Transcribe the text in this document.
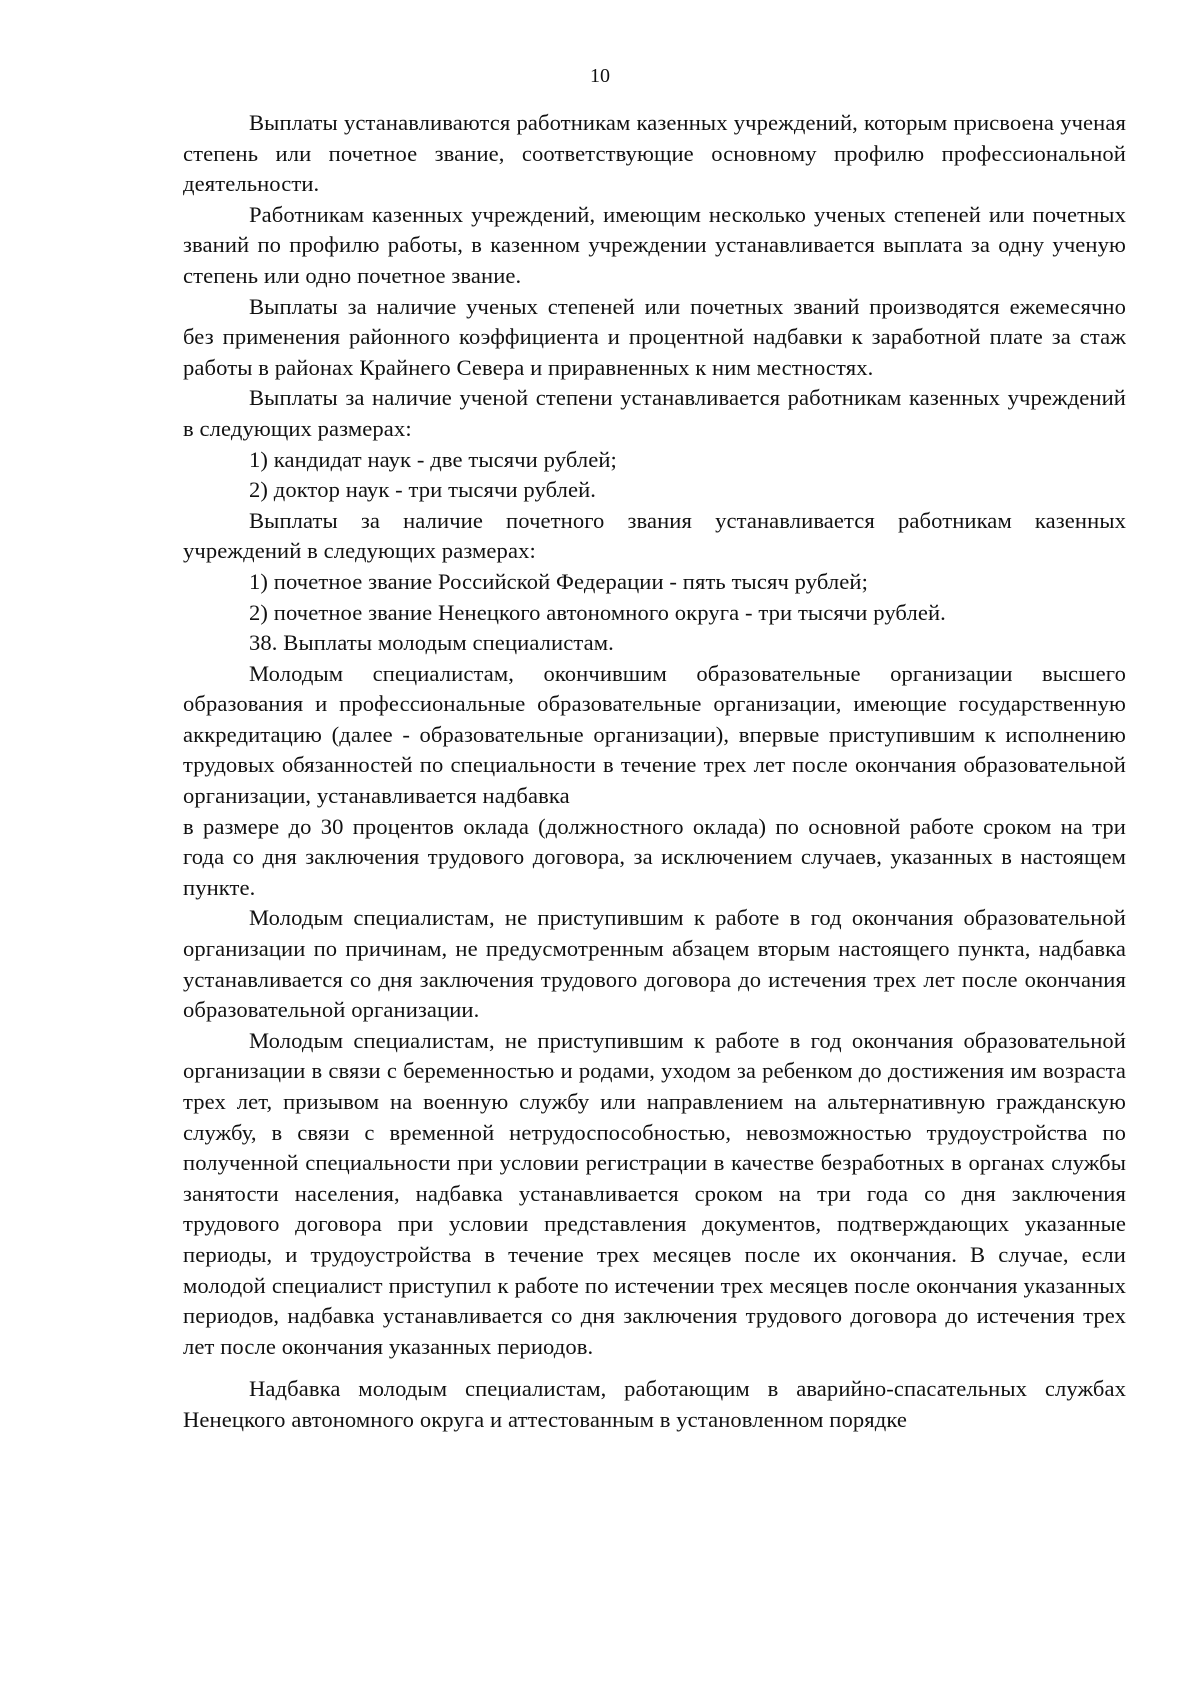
10

Выплаты устанавливаются работникам казенных учреждений, которым присвоена ученая степень или почетное звание, соответствующие основному профилю профессиональной деятельности.

Работникам казенных учреждений, имеющим несколько ученых степеней или почетных званий по профилю работы, в казенном учреждении устанавливается выплата за одну ученую степень или одно почетное звание.

Выплаты за наличие ученых степеней или почетных званий производятся ежемесячно без применения районного коэффициента и процентной надбавки к заработной плате за стаж работы в районах Крайнего Севера и приравненных к ним местностях.

Выплаты за наличие ученой степени устанавливается работникам казенных учреждений в следующих размерах:

1) кандидат наук - две тысячи рублей;

2) доктор наук - три тысячи рублей.

Выплаты за наличие почетного звания устанавливается работникам казенных учреждений в следующих размерах:

1) почетное звание Российской Федерации - пять тысяч рублей;

2) почетное звание Ненецкого автономного округа - три тысячи рублей.

38. Выплаты молодым специалистам.

Молодым специалистам, окончившим образовательные организации высшего образования и профессиональные образовательные организации, имеющие государственную аккредитацию (далее - образовательные организации), впервые приступившим к исполнению трудовых обязанностей по специальности в течение трех лет после окончания образовательной организации, устанавливается надбавка

в размере до 30 процентов оклада (должностного оклада) по основной работе сроком на три года со дня заключения трудового договора, за исключением случаев, указанных в настоящем пункте.

Молодым специалистам, не приступившим к работе в год окончания образовательной организации по причинам, не предусмотренным абзацем вторым настоящего пункта, надбавка устанавливается со дня заключения трудового договора до истечения трех лет после окончания образовательной организации.

Молодым специалистам, не приступившим к работе в год окончания образовательной организации в связи с беременностью и родами, уходом за ребенком до достижения им возраста трех лет, призывом на военную службу или направлением на альтернативную гражданскую службу, в связи с временной нетрудоспособностью, невозможностью трудоустройства по полученной специальности при условии регистрации в качестве безработных в органах службы занятости населения, надбавка устанавливается сроком на три года со дня заключения трудового договора при условии представления документов, подтверждающих указанные периоды, и трудоустройства в течение трех месяцев после их окончания. В случае, если молодой специалист приступил к работе по истечении трех месяцев после окончания указанных периодов, надбавка устанавливается со дня заключения трудового договора до истечения трех лет после окончания указанных периодов.

Надбавка молодым специалистам, работающим в аварийно-спасательных службах Ненецкого автономного округа и аттестованным в установленном порядке
